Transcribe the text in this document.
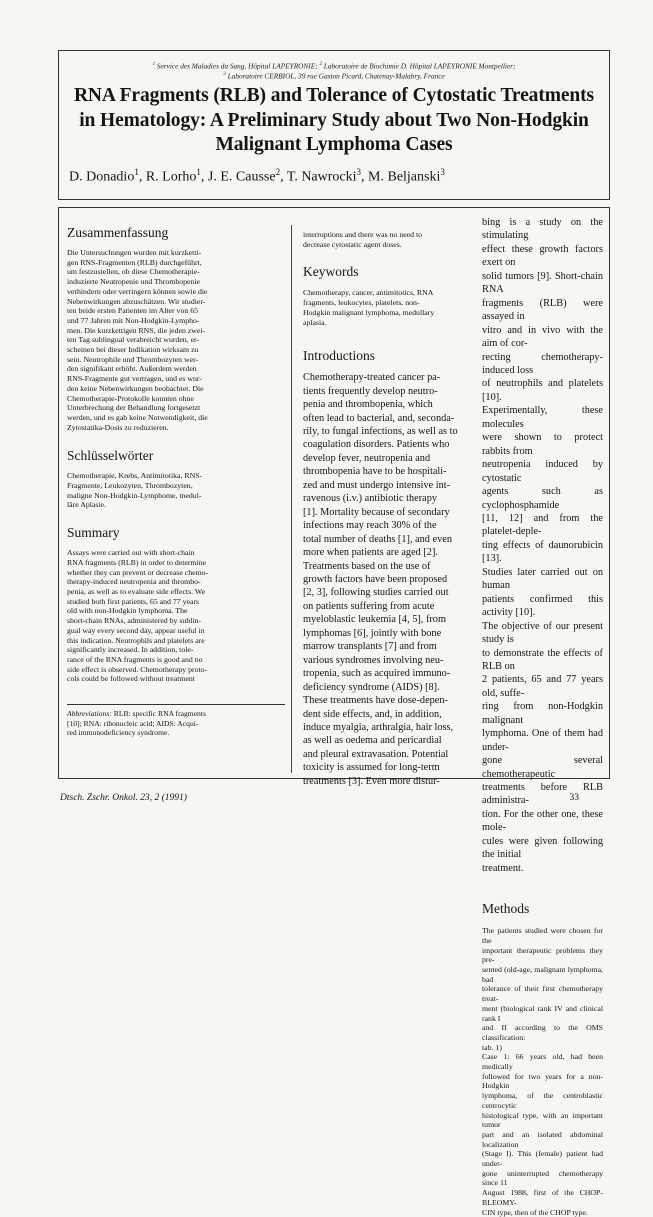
$^1$ Service des Maladies du Sang, Hôpital LAPEYRONIE; $^2$ Laboratoire de Biochimie D. Hôpital LAPEYRONIE Montpellier;
$^3$ Laboratoire CERBIOL, 39 rue Gaston Picard, Chatenay-Malabry, France
RNA Fragments (RLB) and Tolerance of Cytostatic Treatments in Hematology: A Preliminary Study about Two Non-Hodgkin Malignant Lymphoma Cases
D. Donadio$^1$, R. Lorho$^1$, J. E. Causse$^2$, T. Nawrocki$^3$, M. Beljanski$^3$
Zusammenfassung

Die Untersuchungen wurden mit kurzketti-
gen RNS-Fragmenten (RLB) durchgeführt,
um festzustellen, ob diese Chemotherapie-
induzierte Neutropenie und Thrombopenie
verhindern oder verringern können sowie die
Nebenwirkungen abzuschätzen. Wir studier-
ten beide ersten Patienten im Alter von 65
und 77 Jahren mit Non-Hodgkin-Lympho-
men. Die kurzkettigen RNS, die jeden zwei-
ten Tag sublingual verabreicht wurden, er-
scheinen bei dieser Indikation wirksam zu
sein. Neutrophile und Thrombozyten wer-
den signifikant erhöht. Außerdem werden
RNS-Fragmente gut vertragen, und es wur-
den keine Nebenwirkungen beobachtet. Die
Chemotherapie-Protokolle konnten ohne
Unterbrechung der Behandlung fortgesetzt
werden, und es gab keine Notwendigkeit, die
Zytostatika-Dosis zu reduzieren.

Schlüsselwörter

Chemotherapie, Krebs, Antimitotika, RNS-
Fragmente, Leukozyten, Thrombozyten,
maligne Non-Hodgkin-Lymphome, medul-
läre Aplasie.

Summary

Assays were carried out with short-chain
RNA fragments (RLB) in order to determine
whether they can prevent or decrease chemo-
therapy-induced neutropenia and thrombo-
penia, as well as to evaluate side effects. We
studied both first patients, 65 and 77 years
old with non-Hodgkin lymphoma. The
short-chain RNAs, administered by sublin-
gual way every second day, appear useful in
this indication. Neutrophils and platelets are
significantly increased. In addition, tole-
rance of the RNA fragments is good and no
side effect is observed. Chemotherapy proto-
cols could be followed without treatment

Abbreviations: RLB: specific RNA fragments
[10]; RNA: ribonucleic acid; AIDS: Acqui-
red immunodeficiency syndrome.

interruptions and there was no need to
decrease cytostatic agent doses.

Keywords

Chemotherapy, cancer, antimitotics, RNA
fragments, leukocytes, platelets, non-
Hodgkin malignant lymphoma, medullary
aplasia.

Introductions

Chemotherapy-treated cancer pa-
tients frequently develop neutro-
penia and thrombopenia, which
often lead to bacterial, and, seconda-
rily, to fungal infections, as well as to
coagulation disorders. Patients who
develop fever, neutropenia and
thrombopenia have to be hospitali-
zed and must undergo intensive int-
ravenous (i.v.) antibiotic therapy
[1]. Mortality because of secondary
infections may reach 30% of the
total number of deaths [1], and even
more when patients are aged [2].
Treatments based on the use of
growth factors have been proposed
[2, 3], following studies carried out
on patients suffering from acute
myeloblastic leukemia [4, 5], from
lymphomas [6], jointly with bone
marrow transplants [7] and from
various syndromes involving neu-
tropenia, such as acquired immuno-
deficiency syndrome (AIDS) [8].
These treatments have dose-depen-
dent side effects, and, in addition,
induce myalgia, arthralgia, hair loss,
as well as oedema and pericardial
and pleural extravasation. Potential
toxicity is assumed for long-term
treatments [3]. Even more distur-

bing is a study on the stimulating
effect these growth factors exert on
solid tumors [9]. Short-chain RNA
fragments (RLB) were assayed in
vitro and in vivo with the aim of cor-
recting chemotherapy-induced loss
of neutrophils and platelets [10].
Experimentally, these molecules
were shown to protect rabbits from
neutropenia induced by cytostatic
agents such as cyclophosphamide
[11, 12] and from the platelet-deple-
ting effects of daunorubicin [13].
Studies later carried out on human
patients confirmed this activity [10].
The objective of our present study is
to demonstrate the effects of RLB on
2 patients, 65 and 77 years old, suffe-
ring from non-Hodgkin malignant
lymphoma. One of them had under-
gone several chemotherapeutic
treatments before RLB administra-
tion. For the other one, these mole-
cules were given following the initial
treatment.

Methods

The patients studied were chosen for the
important therapeutic problems they pre-
sented (old-age, malignant lymphoma, bad
tolerance of their first chemotherapy treat-
ment (biological rank IV and clinical rank I
and II according to the OMS classification:
tab. 1)
Case 1: 66 years old, had been medically
followed for two years for a non-Hodgkin
lymphoma, of the centroblastic centrocytic
histological type, with an important tumor
part and an isolated abdominal localization
(Stage I). This (female) patient had under-
gone uninterrupted chemotherapy since 11
August 1988, first of the CHOP-BLEOMY-
CIN type, then of the CHOP type.

Dtsch. Zschr. Onkol. 23, 2 (1991)	33
